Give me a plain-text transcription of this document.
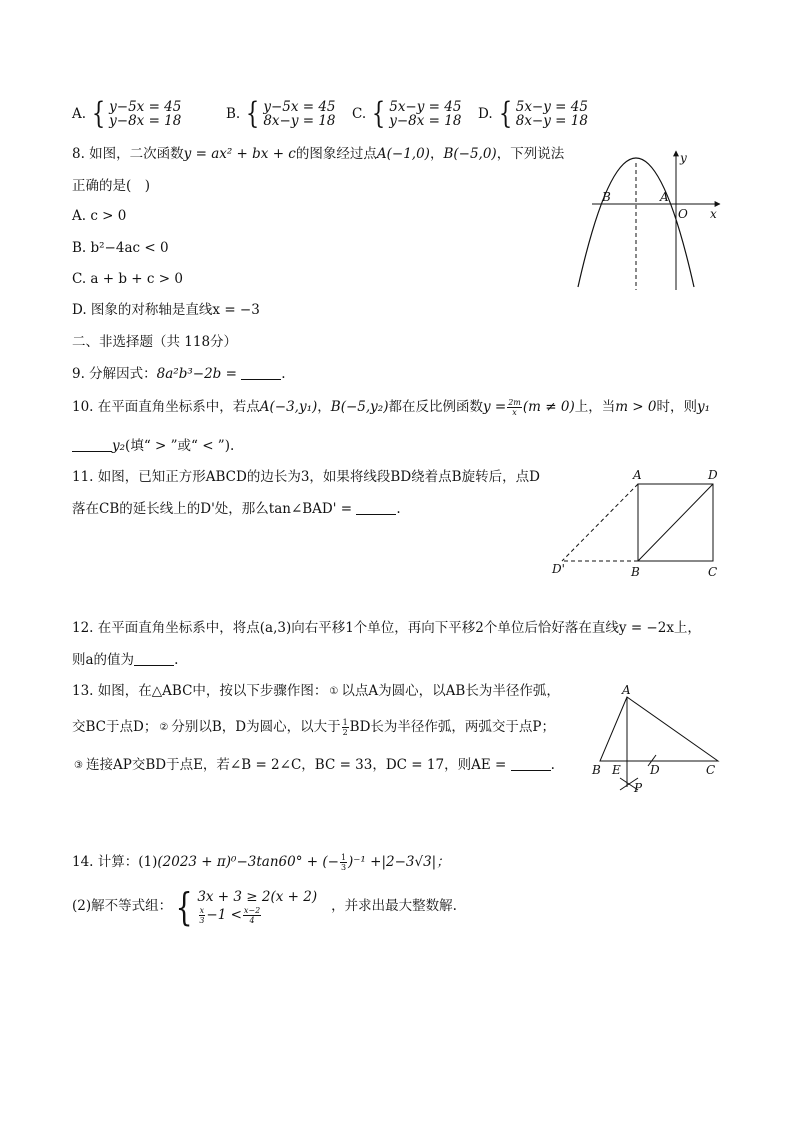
A. { y−5x = 45
y−8x = 18	B. { y−5x = 45
8x−y = 18 C. { 5x−y = 45
y−8x = 18 D. { 5x−y = 45
8x−y = 18
8. 如图，二次函数y = ax² + bx + c的图象经过点A(−1,0)，B(−5,0)，下列说法
正确的是(　)
A. c > 0
B. b²−4ac < 0
C. a + b + c > 0
D. 图象的对称轴是直线x = −3
y
x
O
A
B
二、非选择题（共 118分）
9. 分解因式：8a²b³−2b =	.
10. 在平面直角坐标系中，若点A(−3,y₁)，B(−5,y₂)都在反比例函数$y = \frac{2m}{x} (m \ne 0)$上，当m > 0时，则y₁
y₂(填“ > ”或“ < ”).
11. 如图，已知正方形ABCD的边长为3，如果将线段BD绕着点B旋转后，点D
落在CB的延长线上的D'处，那么tan∠BAD' =	.
A	D
B	C
D'
12. 在平面直角坐标系中，将点(a,3)向右平移1个单位，再向下平移2个单位后恰好落在直线y = −2x上，
则a的值为	.
13. 如图，在△ABC中，按以下步骤作图： ① 以点A为圆心，以AB长为半径作弧，
交BC于点D； ② 分别以B，D为圆心，以大于 $\frac{1}{2}$ BD长为半径作弧，两弧交于点P；
③ 连接AP交BD于点E，若∠B = 2∠C，BC = 33，DC = 17，则AE =	.
A
B E D	C
P
14. 计算：(1)(2023 + π)⁰−3tan60° + (− $\frac{1}{3} )^{-1} +|2-3√3|$；
(2)解不等式组： { 3x + 3 ≥ 2(x + 2)
$\frac{x}{3} -1 < \frac{x-2}{4}$	，并求出最大整数解.
